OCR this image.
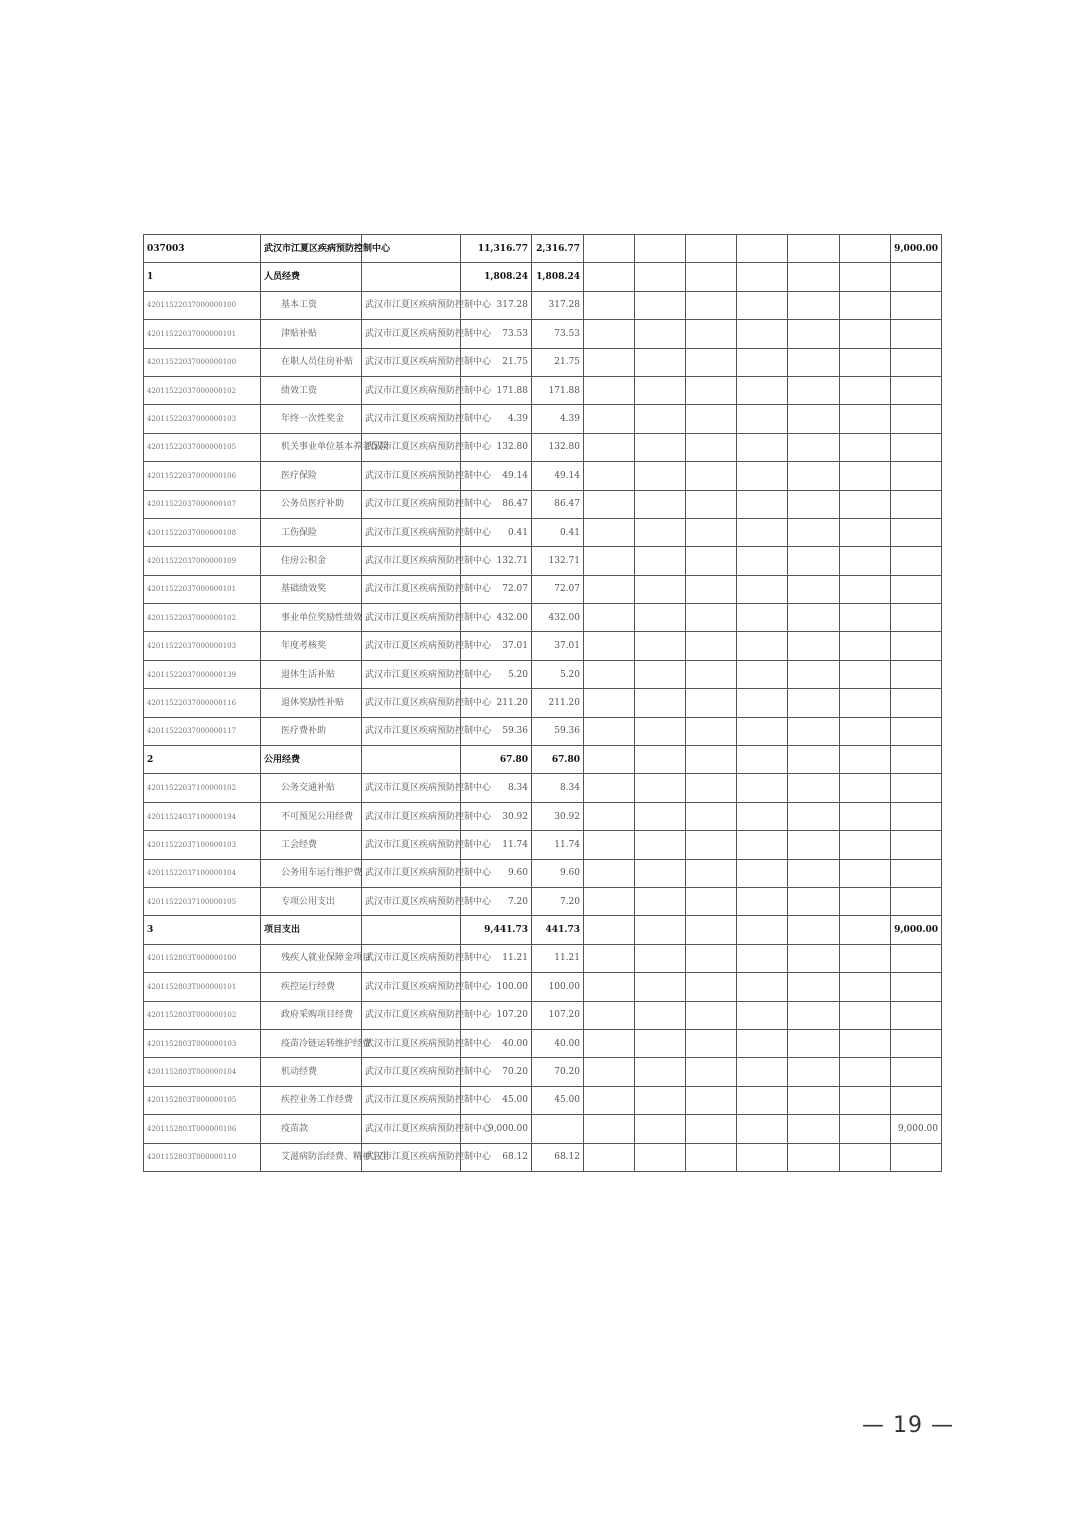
037003	武汉市江夏区疾病预防控制中心		11,316.77	2,316.77							9,000.00
1	人员经费		1,808.24	1,808.24							
42011522037000000100	基本工资	武汉市江夏区疾病预防控制中心	317.28	317.28							
42011522037000000101	津贴补贴	武汉市江夏区疾病预防控制中心	73.53	73.53							
42011522037000000100	在职人员住房补贴	武汉市江夏区疾病预防控制中心	21.75	21.75							
42011522037000000102	绩效工资	武汉市江夏区疾病预防控制中心	171.88	171.88							
42011522037000000103	年终一次性奖金	武汉市江夏区疾病预防控制中心	4.39	4.39							
42011522037000000105	机关事业单位基本养老保险	武汉市江夏区疾病预防控制中心	132.80	132.80							
42011522037000000106	医疗保险	武汉市江夏区疾病预防控制中心	49.14	49.14							
42011522037000000107	公务员医疗补助	武汉市江夏区疾病预防控制中心	86.47	86.47							
42011522037000000108	工伤保险	武汉市江夏区疾病预防控制中心	0.41	0.41							
42011522037000000109	住房公积金	武汉市江夏区疾病预防控制中心	132.71	132.71							
42011522037000000101	基础绩效奖	武汉市江夏区疾病预防控制中心	72.07	72.07							
42011522037000000102	事业单位奖励性绩效	武汉市江夏区疾病预防控制中心	432.00	432.00							
42011522037000000103	年度考核奖	武汉市江夏区疾病预防控制中心	37.01	37.01							
42011522037000000139	退休生活补贴	武汉市江夏区疾病预防控制中心	5.20	5.20							
42011522037000000116	退休奖励性补贴	武汉市江夏区疾病预防控制中心	211.20	211.20							
42011522037000000117	医疗费补助	武汉市江夏区疾病预防控制中心	59.36	59.36							
2	公用经费		67.80	67.80							
42011522037100000102	公务交通补贴	武汉市江夏区疾病预防控制中心	8.34	8.34							
42011524037100000194	不可预见公用经费	武汉市江夏区疾病预防控制中心	30.92	30.92							
42011522037100000103	工会经费	武汉市江夏区疾病预防控制中心	11.74	11.74							
42011522037100000104	公务用车运行维护费	武汉市江夏区疾病预防控制中心	9.60	9.60							
42011522037100000105	专项公用支出	武汉市江夏区疾病预防控制中心	7.20	7.20							
3	项目支出		9,441.73	441.73							9,000.00
4201152803T000000100	残疾人就业保障金项目	武汉市江夏区疾病预防控制中心	11.21	11.21							
4201152803T000000101	疾控运行经费	武汉市江夏区疾病预防控制中心	100.00	100.00							
4201152803T000000102	政府采购项目经费	武汉市江夏区疾病预防控制中心	107.20	107.20							
4201152803T000000103	疫苗冷链运转维护经费	武汉市江夏区疾病预防控制中心	40.00	40.00							
4201152803T000000104	机动经费	武汉市江夏区疾病预防控制中心	70.20	70.20							
4201152803T000000105	疾控业务工作经费	武汉市江夏区疾病预防控制中心	45.00	45.00							
4201152803T000000106	疫苗款	武汉市江夏区疾病预防控制中心	9,000.00								9,000.00
4201152803T000000110	艾滋病防治经费、精神卫生	武汉市江夏区疾病预防控制中心	68.12	68.12							
— 19 —
